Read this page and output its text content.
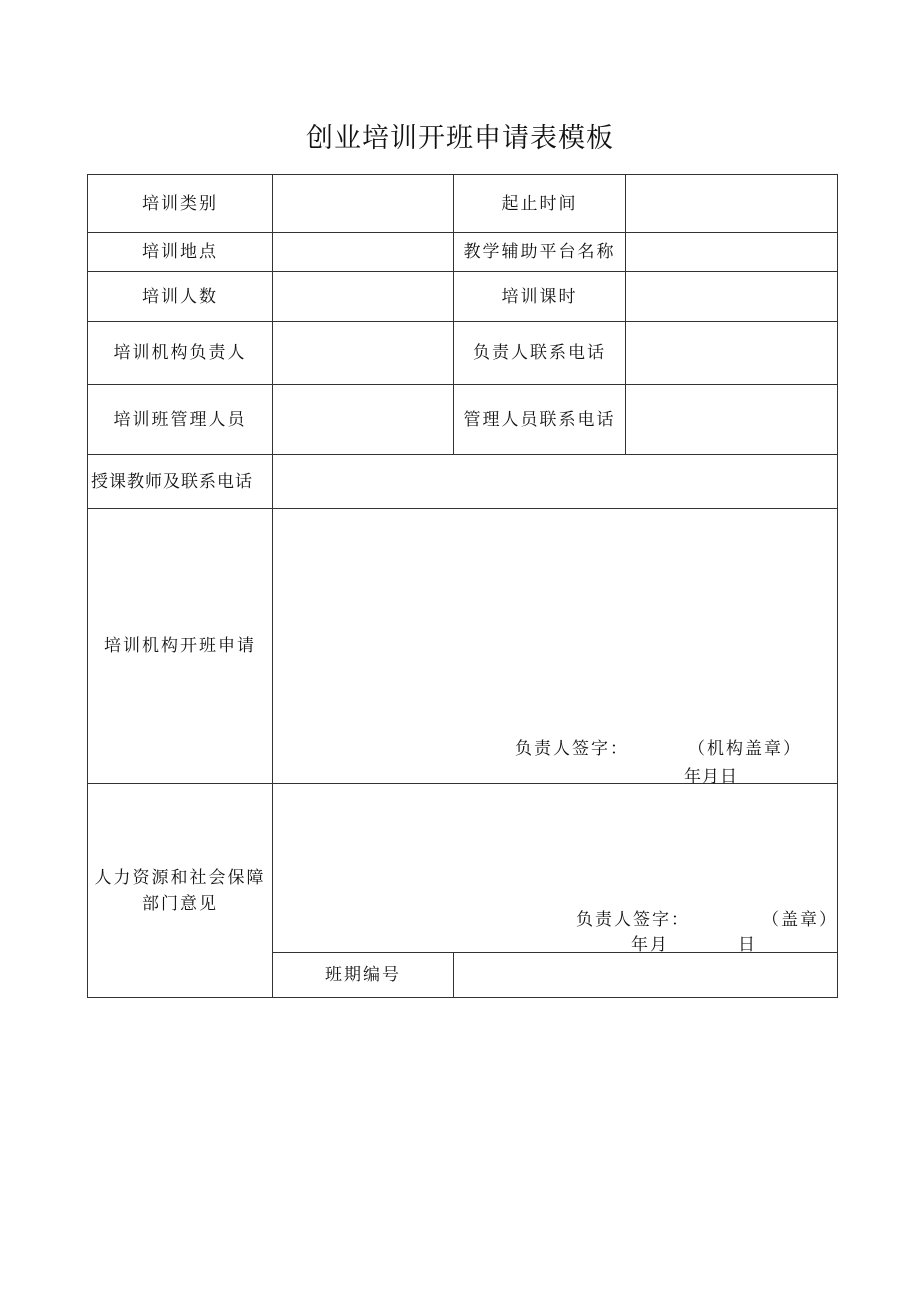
创业培训开班申请表模板
培训类别	起止时间
培训地点	教学辅助平台名称
培训人数	培训课时
培训机构负责人	负责人联系电话
培训班管理人员	管理人员联系电话
授课教师及联系电话
培训机构开班申请
负责人签字：	（机构盖章）
年月日
人力资源和社会保障
部门意见
负责人签字：	（盖章）
年月	日
班期编号
